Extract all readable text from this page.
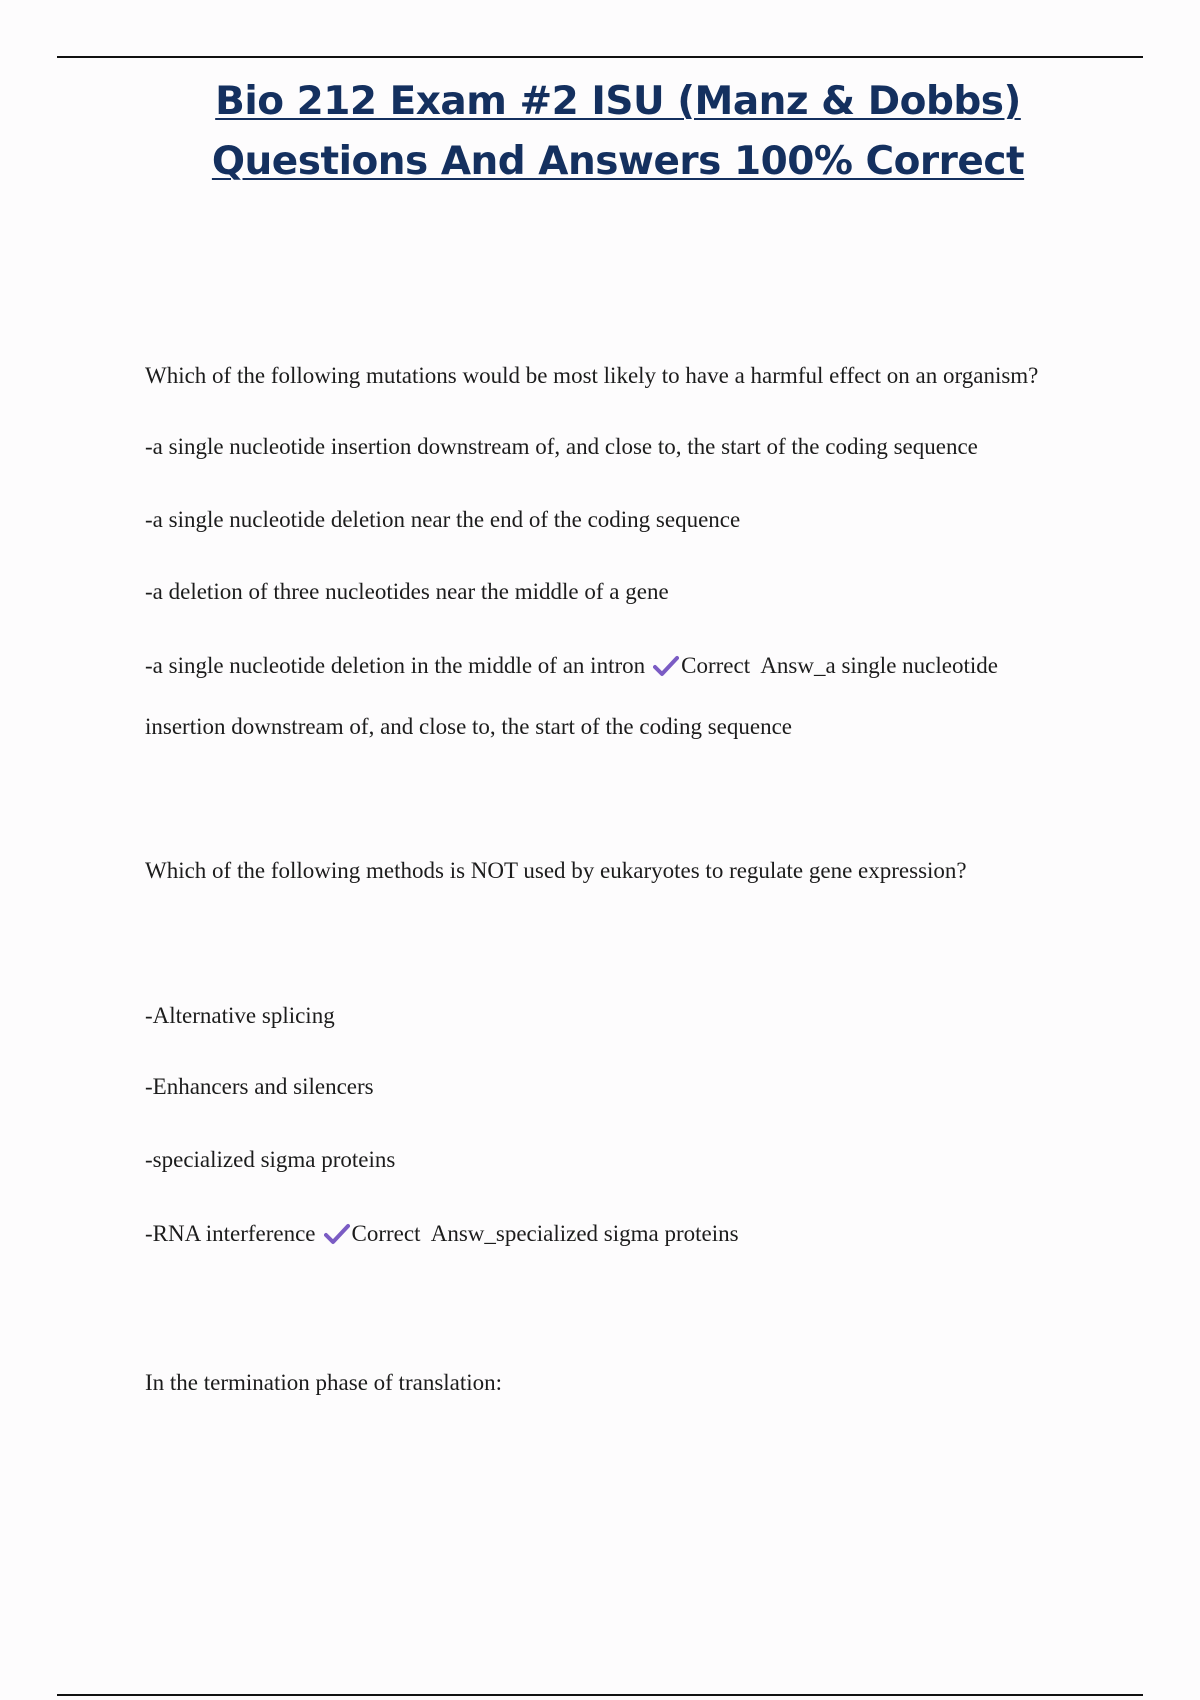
Bio 212 Exam #2 ISU (Manz & Dobbs)
Questions And Answers 100% Correct
Which of the following mutations would be most likely to have a harmful effect on an organism?
-a single nucleotide insertion downstream of, and close to, the start of the coding sequence
-a single nucleotide deletion near the end of the coding sequence
-a deletion of three nucleotides near the middle of a gene
-a single nucleotide deletion in the middle of an intron Correct  Answ_a single nucleotide
insertion downstream of, and close to, the start of the coding sequence
Which of the following methods is NOT used by eukaryotes to regulate gene expression?
-Alternative splicing
-Enhancers and silencers
-specialized sigma proteins
-RNA interference Correct  Answ_specialized sigma proteins
In the termination phase of translation:
